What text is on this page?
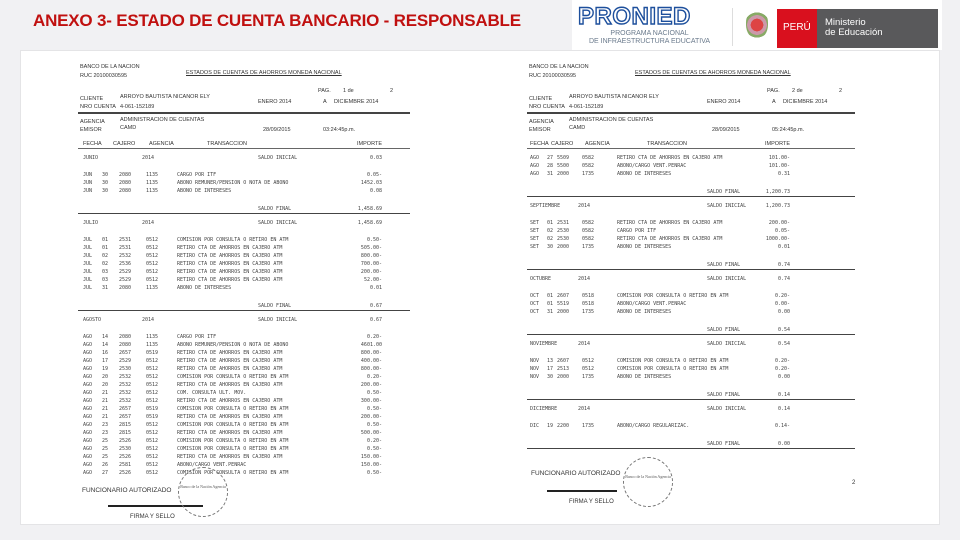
ANEXO 3- ESTADO DE CUENTA BANCARIO - RESPONSABLE PRONIED
PROGRAMA NACIONAL
DE INFRAESTRUCTURA EDUCATIVA
PERÚ	Ministerio
de Educación
BANCO DE LA NACION
RUC 20100030595	ESTADOS DE CUENTAS DE AHORROS MONEDA NACIONAL
PAG. 1 de	2
CLIENTE	ARROYO BAUTISTA NICANOR ELY
NRO CUENTA 4-061-152189
ENERO 2014	A DICIEMBRE 2014
AGENCIA	ADMINISTRACION DE CUENTAS
EMISOR	CAMD	28/09/2015	03:24:45p.m.
FECHA CAJERO AGENCIA	TRANSACCION	IMPORTE
JUNIO	2014	SALDO INICIAL	0.03
JUN 30 2080	1135	CARGO POR ITF	0.05-
JUN 30 2080	1135	ABONO REMUNER/PENSION O NOTA DE ABONO	1452.03
JUN 30 2080	1135	ABONO DE INTERESES	0.08
SALDO FINAL	1,458.69
JULIO	2014	SALDO INICIAL	1,458.69
JUL 01 2531	0512	COMISION POR CONSULTA O RETIRO EN ATM	0.50-
JUL 01 2531	0512	RETIRO CTA DE AHORROS EN CAJERO ATM	505.00-
JUL 02 2532	0512	RETIRO CTA DE AHORROS EN CAJERO ATM	800.00-
JUL 02 2536	0512	RETIRO CTA DE AHORROS EN CAJERO ATM	700.00-
JUL 03 2529	0512	RETIRO CTA DE AHORROS EN CAJERO ATM	200.00-
JUL 03 2529	0512	RETIRO CTA DE AHORROS EN CAJERO ATM	52.00-
JUL 31 2080	1135	ABONO DE INTERESES	0.01
SALDO FINAL	0.67
AGOSTO	2014	SALDO INICIAL	0.67
AGO 14 2080	1135	CARGO POR ITF	0.20-
AGO 14 2080	1135	ABONO REMUNER/PENSION O NOTA DE ABONO	4601.00
AGO 16 2657	0519	RETIRO CTA DE AHORROS EN CAJERO ATM	800.00-
AGO 17 2529	0512	RETIRO CTA DE AHORROS EN CAJERO ATM	400.00-
AGO 19 2530	0512	RETIRO CTA DE AHORROS EN CAJERO ATM	800.00-
AGO 20 2532	0512	COMISION POR CONSULTA O RETIRO EN ATM	0.20-
AGO 20 2532	0512	RETIRO CTA DE AHORROS EN CAJERO ATM	200.00-
AGO 21 2532	0512	COM. CONSULTA ULT. MOV.	0.50-
AGO 21 2532	0512	RETIRO CTA DE AHORROS EN CAJERO ATM	300.00-
AGO 21 2657	0519	COMISION POR CONSULTA O RETIRO EN ATM	0.50-
AGO 21 2657	0519	RETIRO CTA DE AHORROS EN CAJERO ATM	200.00-
AGO 23 2815	0512	COMISION POR CONSULTA O RETIRO EN ATM	0.50-
AGO 23 2815	0512	RETIRO CTA DE AHORROS EN CAJERO ATM	500.00-
AGO 25 2526	0512	COMISION POR CONSULTA O RETIRO EN ATM	0.20-
AGO 25 2530	0512	COMISION POR CONSULTA O RETIRO EN ATM	0.50-
AGO 25 2526	0512	RETIRO CTA DE AHORROS EN CAJERO ATM	150.00-
AGO 26 2581	0512	ABONO/CARGO VENT.PENRAC	150.00-
AGO 27 2526	0512	COMISION POR CONSULTA O RETIRO EN ATM	0.50-
FUNCIONARIO AUTORIZADO
FIRMA Y SELLO
Banco de la Nación Agencia
BANCO DE LA NACION
RUC 20100030595	ESTADOS DE CUENTAS DE AHORROS MONEDA NACIONAL
PAG. 2 de	2
CLIENTE	ARROYO BAUTISTA NICANOR ELY
NRO CUENTA 4-061-152189
ENERO 2014	A DICIEMBRE 2014
AGENCIA	ADMINISTRACION DE CUENTAS
EMISOR	CAMD	28/09/2015	05:24:45p.m.
FECHA CAJERO AGENCIA	TRANSACCION	IMPORTE
AGO 27 5509	0582	RETIRO CTA DE AHORROS EN CAJERO ATM	101.00-
AGO 28 5500	0582	ABONO/CARGO VENT.PENRAC	101.00-
AGO 31 2000	1735	ABONO DE INTERESES	0.31
SALDO FINAL	1,200.73
SEPTIEMBRE	2014	SALDO INICIAL	1,200.73
SET 01 2531	0582	RETIRO CTA DE AHORROS EN CAJERO ATM	200.00-
SET 02 2530	0582	CARGO POR ITF	0.05-
SET 02 2530	0582	RETIRO CTA DE AHORROS EN CAJERO ATM	1000.00-
SET 30 2000	1735	ABONO DE INTERESES	0.01
SALDO FINAL	0.74
OCTUBRE	2014	SALDO INICIAL	0.74
OCT 01 2607	0518	COMISION POR CONSULTA O RETIRO EN ATM	0.20-
OCT 01 5519	0518	ABONO/CARGO VENT.PENRAC	0.00-
OCT 31 2000	1735	ABONO DE INTERESES	0.00
SALDO FINAL	0.54
NOVIEMBRE	2014	SALDO INICIAL	0.54
NOV 13 2607	0512	COMISION POR CONSULTA O RETIRO EN ATM	0.20-
NOV 17 2513	0512	COMISION POR CONSULTA O RETIRO EN ATM	0.20-
NOV 30 2000	1735	ABONO DE INTERESES	0.00
SALDO FINAL	0.14
DICIEMBRE	2014	SALDO INICIAL	0.14
DIC 19 2200	1735	ABONO/CARGO REGULARIZAC.	0.14-
SALDO FINAL	0.00
FUNCIONARIO AUTORIZADO
FIRMA Y SELLO
Banco de la Nación Agencia
2
